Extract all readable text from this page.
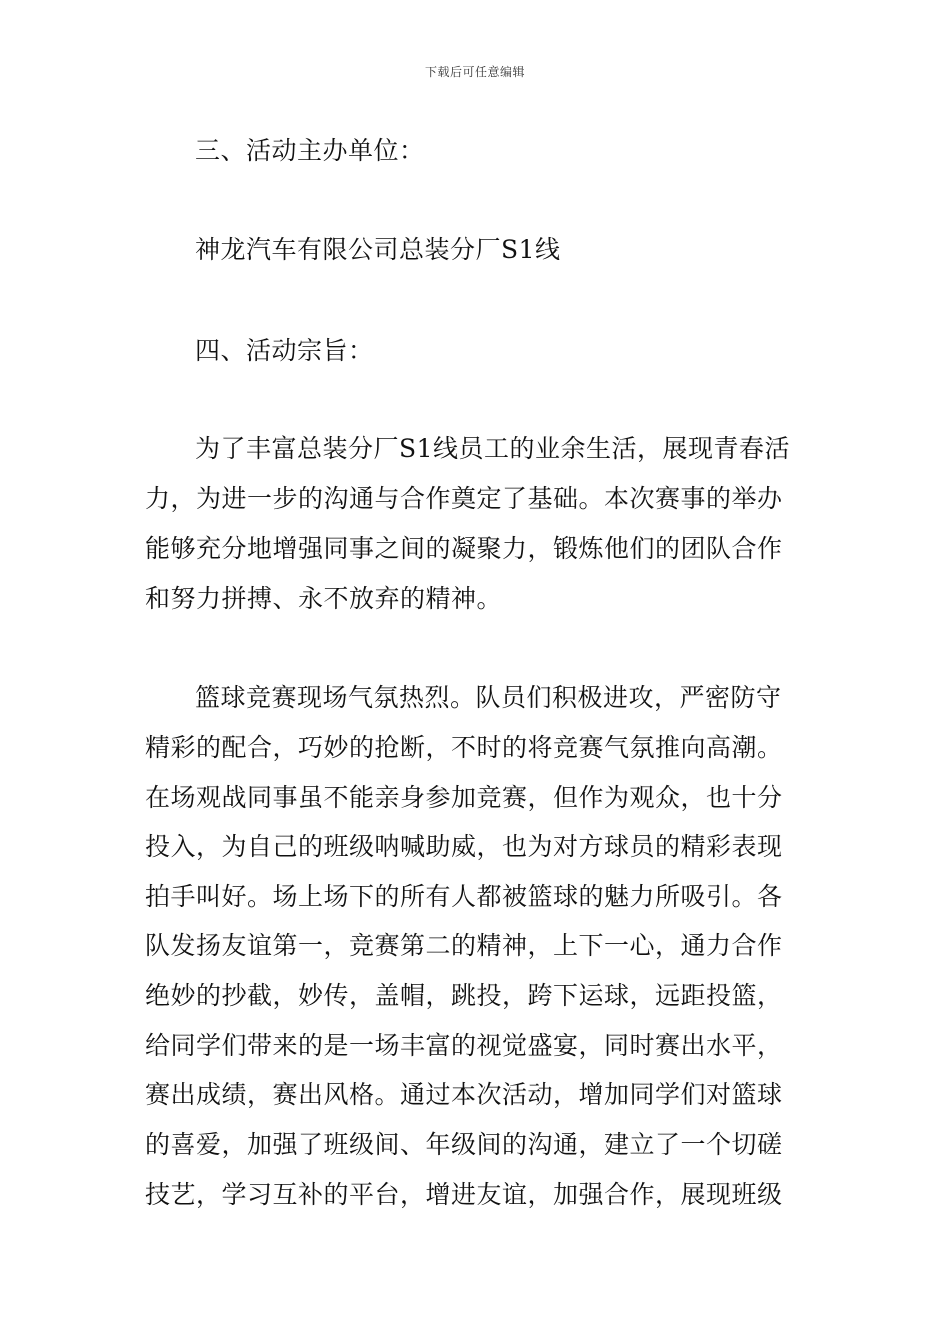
下载后可任意编辑
三、活动主办单位：
神龙汽车有限公司总装分厂S1线
四、活动宗旨：
为了丰富总装分厂S1线员工的业余生活，展现青春活
力，为进一步的沟通与合作奠定了基础。本次赛事的举办
能够充分地增强同事之间的凝聚力，锻炼他们的团队合作
和努力拼搏、永不放弃的精神。
篮球竞赛现场气氛热烈。队员们积极进攻，严密防守
精彩的配合，巧妙的抢断，不时的将竞赛气氛推向高潮。
在场观战同事虽不能亲身参加竞赛，但作为观众，也十分
投入，为自己的班级呐喊助威，也为对方球员的精彩表现
拍手叫好。场上场下的所有人都被篮球的魅力所吸引。各
队发扬友谊第一，竞赛第二的精神，上下一心，通力合作
绝妙的抄截，妙传，盖帽，跳投，跨下运球，远距投篮，
给同学们带来的是一场丰富的视觉盛宴，同时赛出水平，
赛出成绩，赛出风格。通过本次活动，增加同学们对篮球
的喜爱，加强了班级间、年级间的沟通，建立了一个切磋
技艺，学习互补的平台，增进友谊，加强合作，展现班级
